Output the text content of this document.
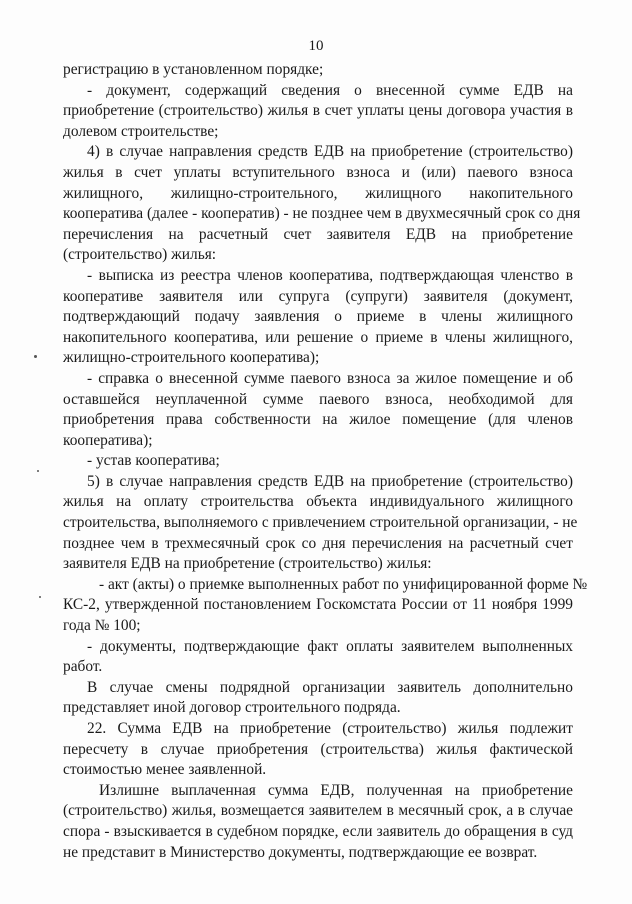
10
регистрацию в установленном порядке;
- документ, содержащий сведения о внесенной сумме ЕДВ на
приобретение (строительство) жилья в счет уплаты цены договора участия в
долевом строительстве;
4) в случае направления средств ЕДВ на приобретение (строительство)
жилья в счет уплаты вступительного взноса и (или) паевого взноса
жилищного, жилищно-строительного, жилищного накопительного
кооператива (далее - кооператив) - не позднее чем в двухмесячный срок со дня
перечисления на расчетный счет заявителя ЕДВ на приобретение
(строительство) жилья:
- выписка из реестра членов кооператива, подтверждающая членство в
кооперативе заявителя или супруга (супруги) заявителя (документ,
подтверждающий подачу заявления о приеме в члены жилищного
накопительного кооператива, или решение о приеме в члены жилищного,
жилищно-строительного кооператива);
- справка о внесенной сумме паевого взноса за жилое помещение и об
оставшейся неуплаченной сумме паевого взноса, необходимой для
приобретения права собственности на жилое помещение (для членов
кооператива);
- устав кооператива;
5) в случае направления средств ЕДВ на приобретение (строительство)
жилья на оплату строительства объекта индивидуального жилищного
строительства, выполняемого с привлечением строительной организации, - не
позднее чем в трехмесячный срок со дня перечисления на расчетный счет
заявителя ЕДВ на приобретение (строительство) жилья:
- акт (акты) о приемке выполненных работ по унифицированной форме №
КС-2, утвержденной постановлением Госкомстата России от 11 ноября 1999
года № 100;
- документы, подтверждающие факт оплаты заявителем выполненных
работ.
В случае смены подрядной организации заявитель дополнительно
представляет иной договор строительного подряда.
22. Сумма ЕДВ на приобретение (строительство) жилья подлежит
пересчету в случае приобретения (строительства) жилья фактической
стоимостью менее заявленной.
Излишне выплаченная сумма ЕДВ, полученная на приобретение
(строительство) жилья, возмещается заявителем в месячный срок, а в случае
спора - взыскивается в судебном порядке, если заявитель до обращения в суд
не представит в Министерство документы, подтверждающие ее возврат.
